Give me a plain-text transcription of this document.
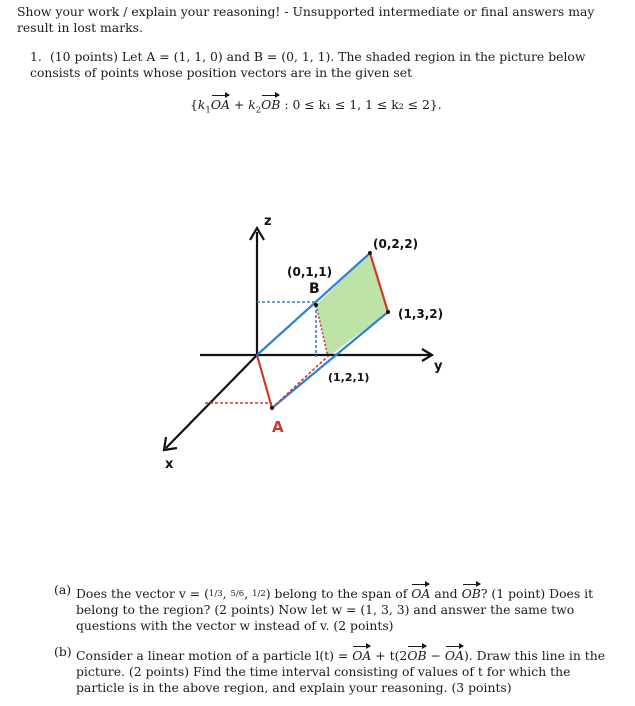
Show your work / explain your reasoning! - Unsupported intermediate or final answers may result in lost marks.
1. (10 points) Let A = (1, 1, 0) and B = (0, 1, 1). The shaded region in the picture below consists of points whose position vectors are in the given set
{$k_1OA + k_2OB$ : 0 ≤ k₁ ≤ 1, 1 ≤ k₂ ≤ 2}.
z
y
x
(0,1,1)
B
(0,2,2)
(1,3,2)
(1,2,1)
A
(a) Does the vector v = (1/3, 5/6, 1/2) belong to the span of OA and OB? (1 point) Does it belong to the region? (2 points) Now let w = (1, 3, 3) and answer the same two questions with the vector w instead of v. (2 points)
(b) Consider a linear motion of a particle l(t) = OA + t(2OB − OA). Draw this line in the picture. (2 points) Find the time interval consisting of values of t for which the particle is in the above region, and explain your reasoning. (3 points)
